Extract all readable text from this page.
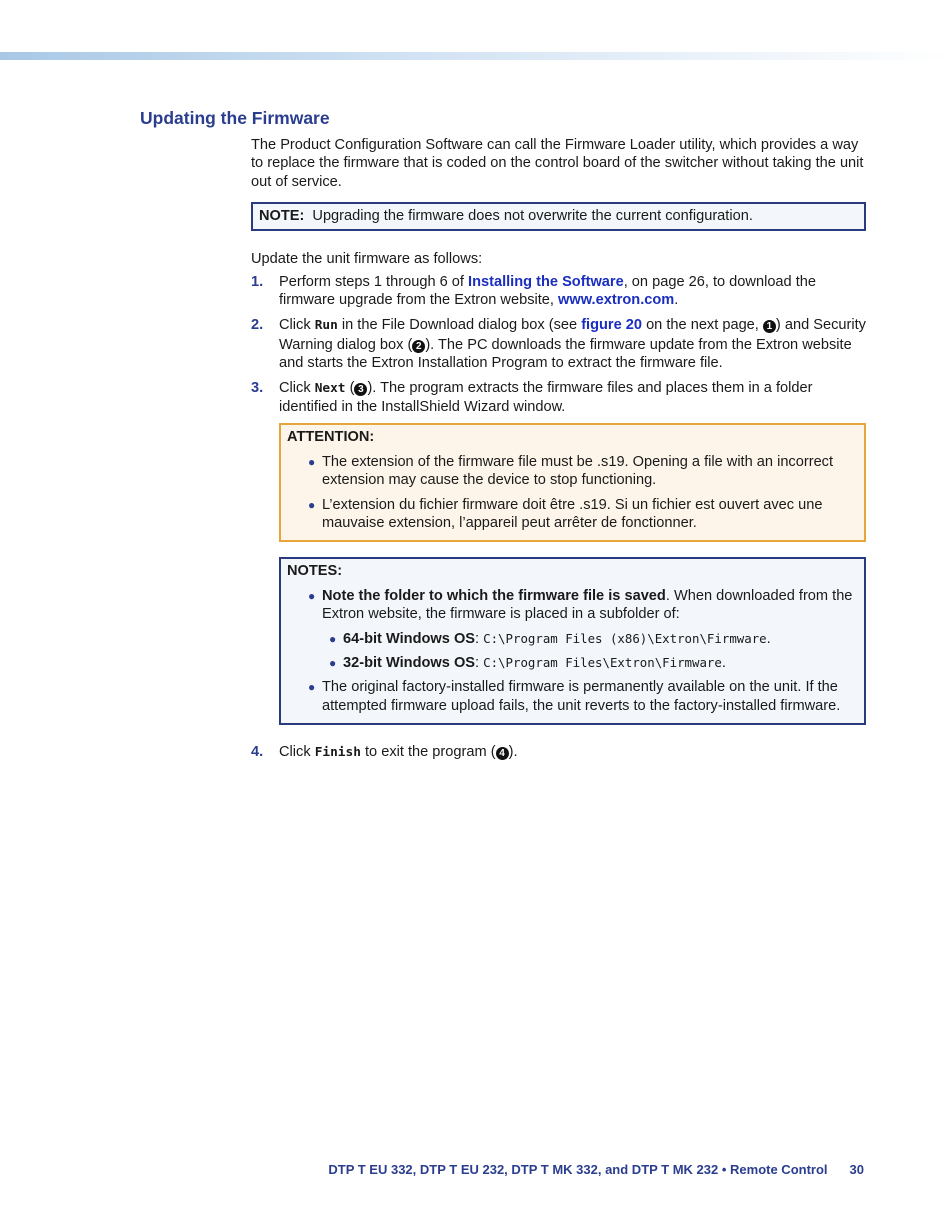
Updating the Firmware

The Product Configuration Software can call the Firmware Loader utility, which provides a way to replace the firmware that is coded on the control board of the switcher without taking the unit out of service.

NOTE: Upgrading the firmware does not overwrite the current configuration.

Update the unit firmware as follows:

1. Perform steps 1 through 6 of Installing the Software, on page 26, to download the firmware upgrade from the Extron website, www.extron.com.
2. Click Run in the File Download dialog box (see figure 20 on the next page, 1 ) and Security Warning dialog box ( 2 ). The PC downloads the firmware update from the Extron website and starts the Extron Installation Program to extract the firmware file.
3. Click Next ( 3 ). The program extracts the firmware files and places them in a folder identified in the InstallShield Wizard window.
ATTENTION:
● The extension of the firmware file must be .s19. Opening a file with an incorrect extension may cause the device to stop functioning.
● L’extension du fichier firmware doit être .s19. Si un fichier est ouvert avec une mauvaise extension, l’appareil peut arrêter de fonctionner.
NOTES:
● Note the folder to which the firmware file is saved. When downloaded from the Extron website, the firmware is placed in a subfolder of:
● 64-bit Windows OS: C:\Program Files (x86)\Extron\Firmware.
● 32-bit Windows OS: C:\Program Files\Extron\Firmware.
● The original factory-installed firmware is permanently available on the unit. If the attempted firmware upload fails, the unit reverts to the factory-installed firmware.
4. Click Finish to exit the program ( 4 ).
DTP T EU 332, DTP T EU 232, DTP T MK 332, and DTP T MK 232 • Remote Control 30
